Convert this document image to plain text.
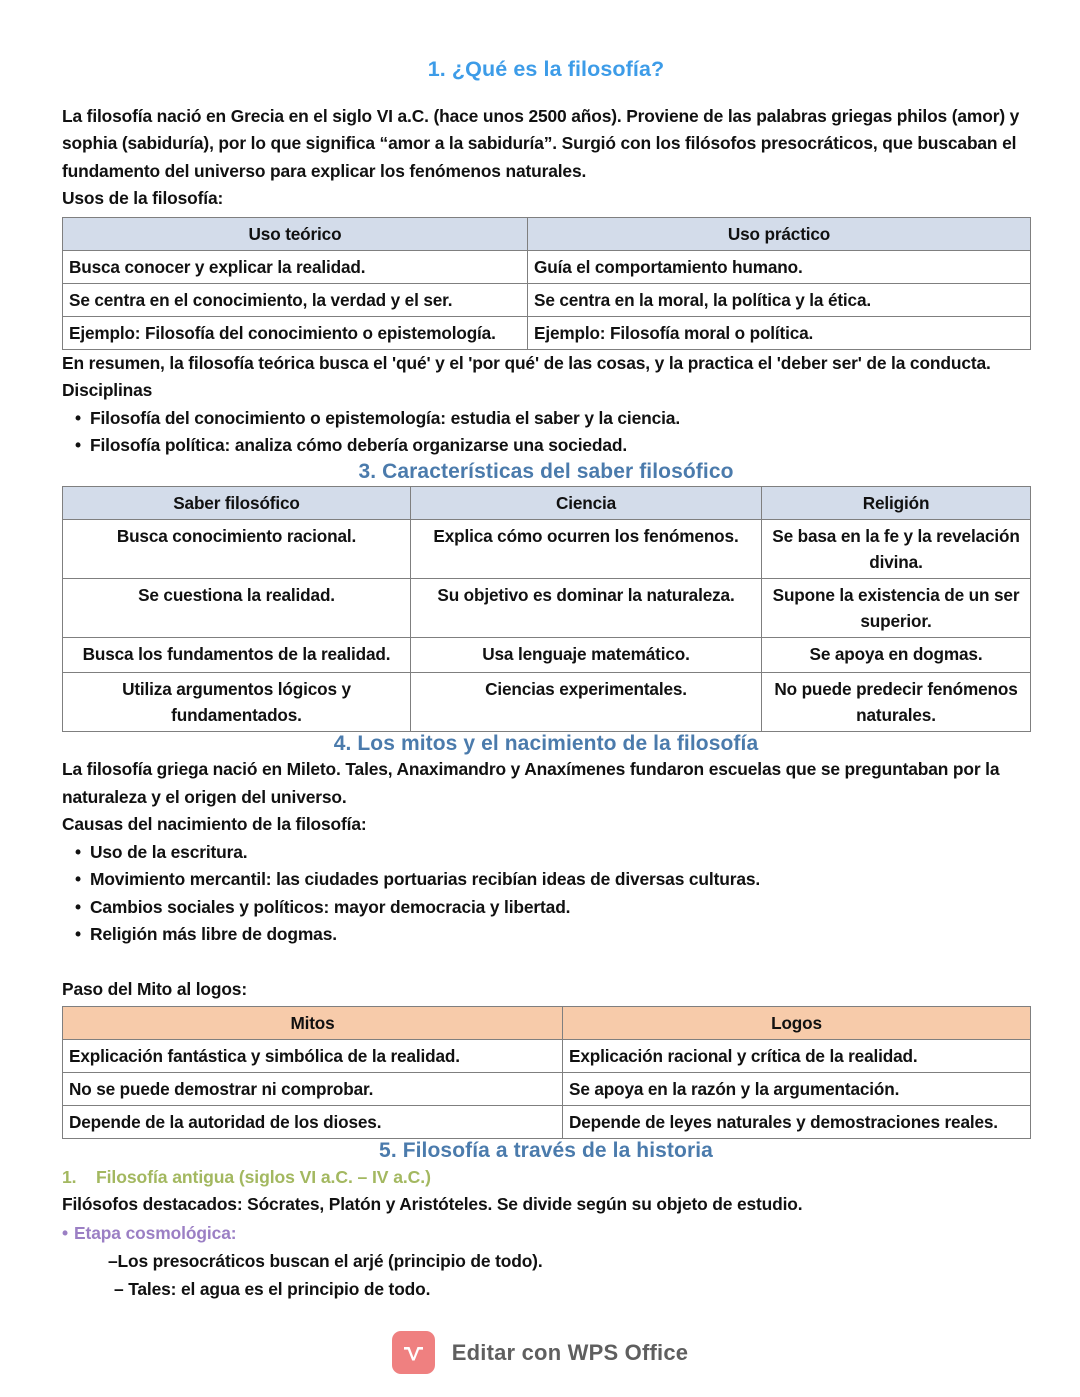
1. ¿Qué es la filosofía?

La filosofía nació en Grecia en el siglo VI a.C. (hace unos 2500 años). Proviene de las palabras griegas philos (amor) y sophia (sabiduría), por lo que significa “amor a la sabiduría”. Surgió con los filósofos presocráticos, que buscaban el fundamento del universo para explicar los fenómenos naturales.

Usos de la filosofía:

Uso teórico	Uso práctico
Busca conocer y explicar la realidad.	Guía el comportamiento humano.
Se centra en el conocimiento, la verdad y el ser.	Se centra en la moral, la política y la ética.
Ejemplo: Filosofía del conocimiento o epistemología.	Ejemplo: Filosofía moral o política.

En resumen, la filosofía teórica busca el 'qué' y el 'por qué' de las cosas, y la practica el 'deber ser' de la conducta.

Disciplinas

• Filosofía del conocimiento o epistemología: estudia el saber y la ciencia.
• Filosofía política: analiza cómo debería organizarse una sociedad.
3. Características del saber filosófico
Saber filosófico	Ciencia	Religión
Busca conocimiento racional.	Explica cómo ocurren los fenómenos.	Se basa en la fe y la revelación divina.
Se cuestiona la realidad.	Su objetivo es dominar la naturaleza.	Supone la existencia de un ser superior.
Busca los fundamentos de la realidad.	Usa lenguaje matemático.	Se apoya en dogmas.
Utiliza argumentos lógicos y fundamentados.	Ciencias experimentales.	No puede predecir fenómenos naturales.
4. Los mitos y el nacimiento de la filosofía

La filosofía griega nació en Mileto. Tales, Anaximandro y Anaxímenes fundaron escuelas que se preguntaban por la naturaleza y el origen del universo.

Causas del nacimiento de la filosofía:

• Uso de la escritura.
• Movimiento mercantil: las ciudades portuarias recibían ideas de diversas culturas.
• Cambios sociales y políticos: mayor democracia y libertad.
• Religión más libre de dogmas.

Paso del Mito al logos:

Mitos	Logos
Explicación fantástica y simbólica de la realidad.	Explicación racional y crítica de la realidad.
No se puede demostrar ni comprobar.	Se apoya en la razón y la argumentación.
Depende de la autoridad de los dioses.	Depende de leyes naturales y demostraciones reales.
5. Filosofía a través de la historia
1. Filosofía antigua (siglos VI a.C. – IV a.C.)

Filósofos destacados: Sócrates, Platón y Aristóteles. Se divide según su objeto de estudio.

• Etapa cosmológica:
–Los presocráticos buscan el arjé (principio de todo).
– Tales: el agua es el principio de todo.
Editar con WPS Office
